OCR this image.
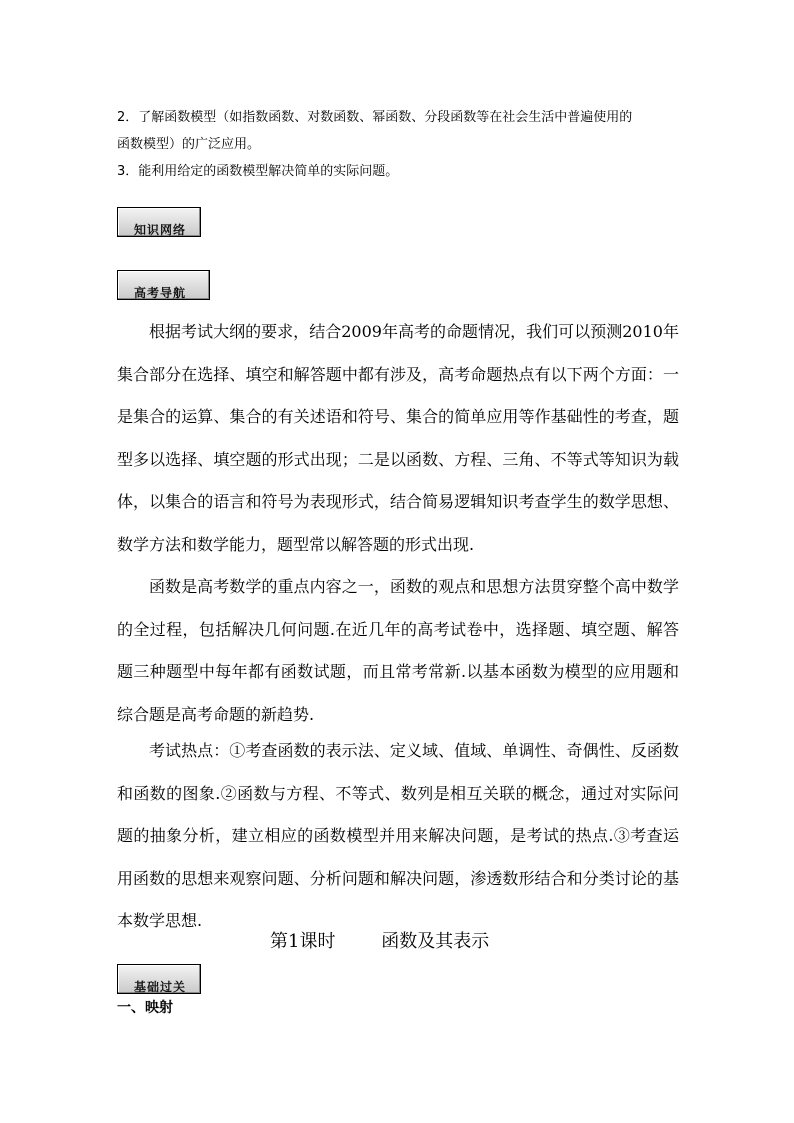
2．了解函数模型（如指数函数、对数函数、幂函数、分段函数等在社会生活中普遍使用的
函数模型）的广泛应用。
3．能利用给定的函数模型解决简单的实际问题。
知识网络
高考导航

根据考试大纲的要求，结合2009年高考的命题情况，我们可以预测2010年集合部分在选择、填空和解答题中都有涉及，高考命题热点有以下两个方面：一是集合的运算、集合的有关述语和符号、集合的简单应用等作基础性的考查，题型多以选择、填空题的形式出现；二是以函数、方程、三角、不等式等知识为载体，以集合的语言和符号为表现形式，结合简易逻辑知识考查学生的数学思想、数学方法和数学能力，题型常以解答题的形式出现.

函数是高考数学的重点内容之一，函数的观点和思想方法贯穿整个高中数学的全过程，包括解决几何问题.在近几年的高考试卷中，选择题、填空题、解答题三种题型中每年都有函数试题，而且常考常新.以基本函数为模型的应用题和综合题是高考命题的新趋势.

考试热点：①考查函数的表示法、定义域、值域、单调性、奇偶性、反函数和函数的图象.②函数与方程、不等式、数列是相互关联的概念，通过对实际问题的抽象分析，建立相应的函数模型并用来解决问题，是考试的热点.③考查运用函数的思想来观察问题、分析问题和解决问题，渗透数形结合和分类讨论的基本数学思想.

第1课时        函数及其表示
基础过关
一、映射
